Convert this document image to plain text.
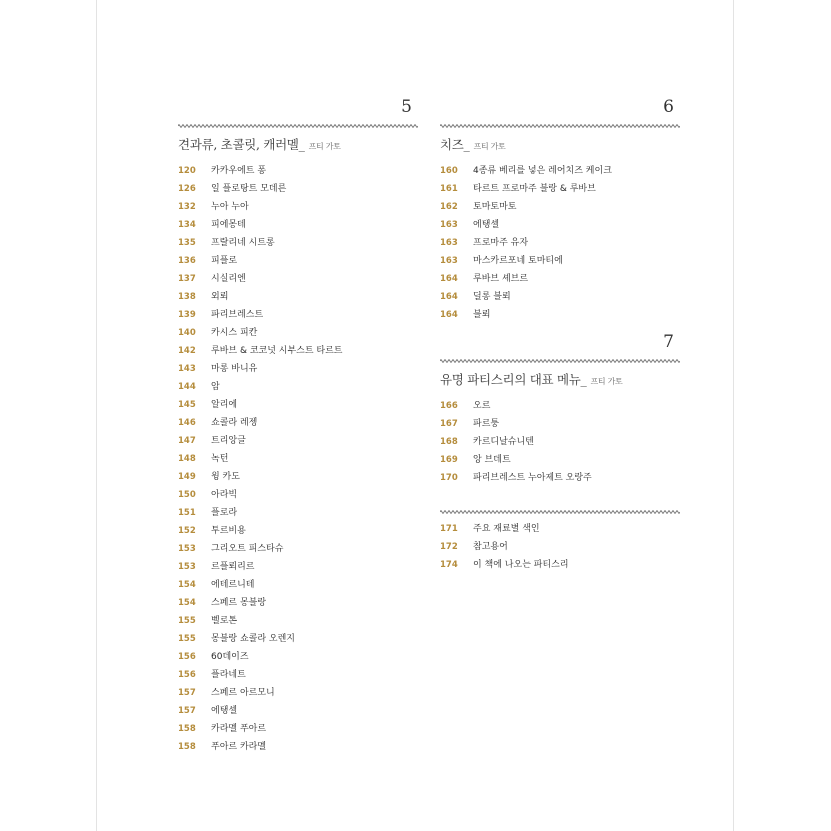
5
견과류, 초콜릿, 캐러멜_ 프티 가토
120	카카우에트 퐁
126	일 플로탕트 모데른
132	누아 누아
134	피에몽테
135	프랄리네 시트롱
136	피플로
137	시실리엔
138	외뢰
139	파리브레스트
140	카시스 피칸
142	루바브 & 코코넛 시부스트 타르트
143	마롱 바니유
144	암
145	알리에
146	쇼콜라 레젱
147	트리앙글
148	녹턴
149	윙 카도
150	아라빅
151	플로라
152	투르비용
153	그리오트 피스타슈
153	르플뢰리르
154	에테르니테
154	스페르 몽블랑
155	벨로톤
155	몽블랑 쇼콜라 오렌지
156	60데이즈
156	플라네트
157	스페르 아르모니
157	에탱셀
158	카라멜 푸아르
158	푸아르 카라멜
6
치즈_ 프티 가토
160	4종류 베리를 넣은 레어치즈 케이크
161	타르트 프로마주 블랑 & 루바브
162	토마토마토
163	에탱셀
163	프로마주 유자
163	마스카르포네 토마티에
164	루바브 셰브르
164	딜롱 블뢰
164	블뢰
7
유명 파티스리의 대표 메뉴_ 프티 가토
166	오르
167	파르퉁
168	카르디날슈니텐
169	앙 브데트
170	파리브레스트 누아제트 오랑주
171	주요 재료별 색인
172	참고용어
174	이 책에 나오는 파티스리
